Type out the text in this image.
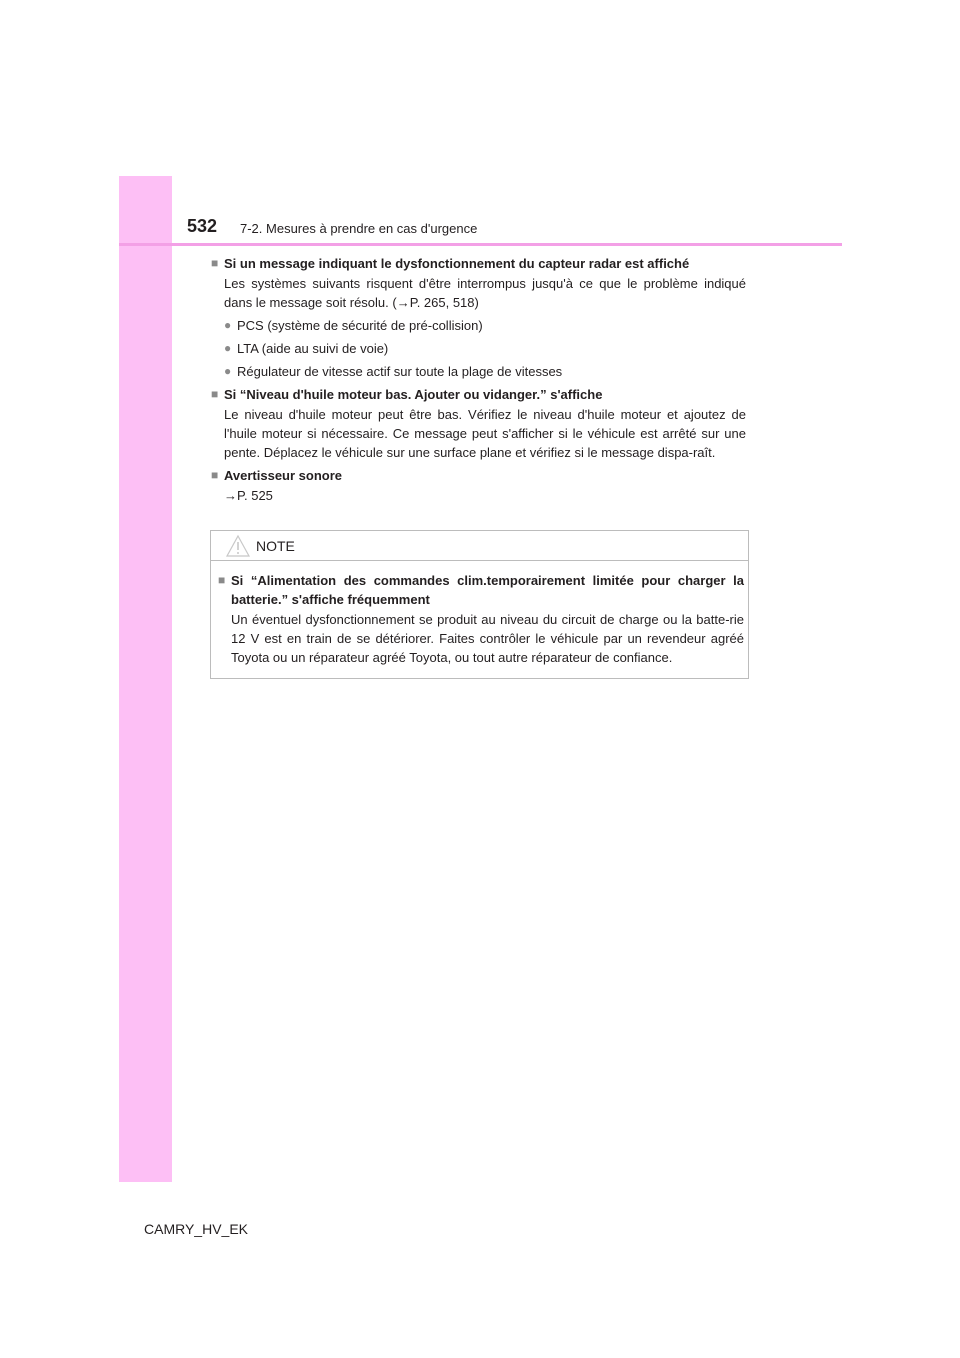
532 7-2. Mesures à prendre en cas d'urgence
■ Si un message indiquant le dysfonctionnement du capteur radar est affiché

Les systèmes suivants risquent d'être interrompus jusqu'à ce que le problème indiqué dans le message soit résolu. (→P. 265, 518)

● PCS (système de sécurité de pré-collision)
● LTA (aide au suivi de voie)
● Régulateur de vitesse actif sur toute la plage de vitesses
■ Si “Niveau d'huile moteur bas. Ajouter ou vidanger.” s'affiche

Le niveau d'huile moteur peut être bas. Vérifiez le niveau d'huile moteur et ajoutez de l'huile moteur si nécessaire. Ce message peut s'afficher si le véhicule est arrêté sur une pente. Déplacez le véhicule sur une surface plane et vérifiez si le message dispa-raît.

■ Avertisseur sonore

→P. 525

NOTE
■ Si “Alimentation des commandes clim.temporairement limitée pour charger la batterie.” s'affiche fréquemment

Un éventuel dysfonctionnement se produit au niveau du circuit de charge ou la batte-rie 12 V est en train de se détériorer. Faites contrôler le véhicule par un revendeur agréé Toyota ou un réparateur agréé Toyota, ou tout autre réparateur de confiance.

CAMRY_HV_EK
